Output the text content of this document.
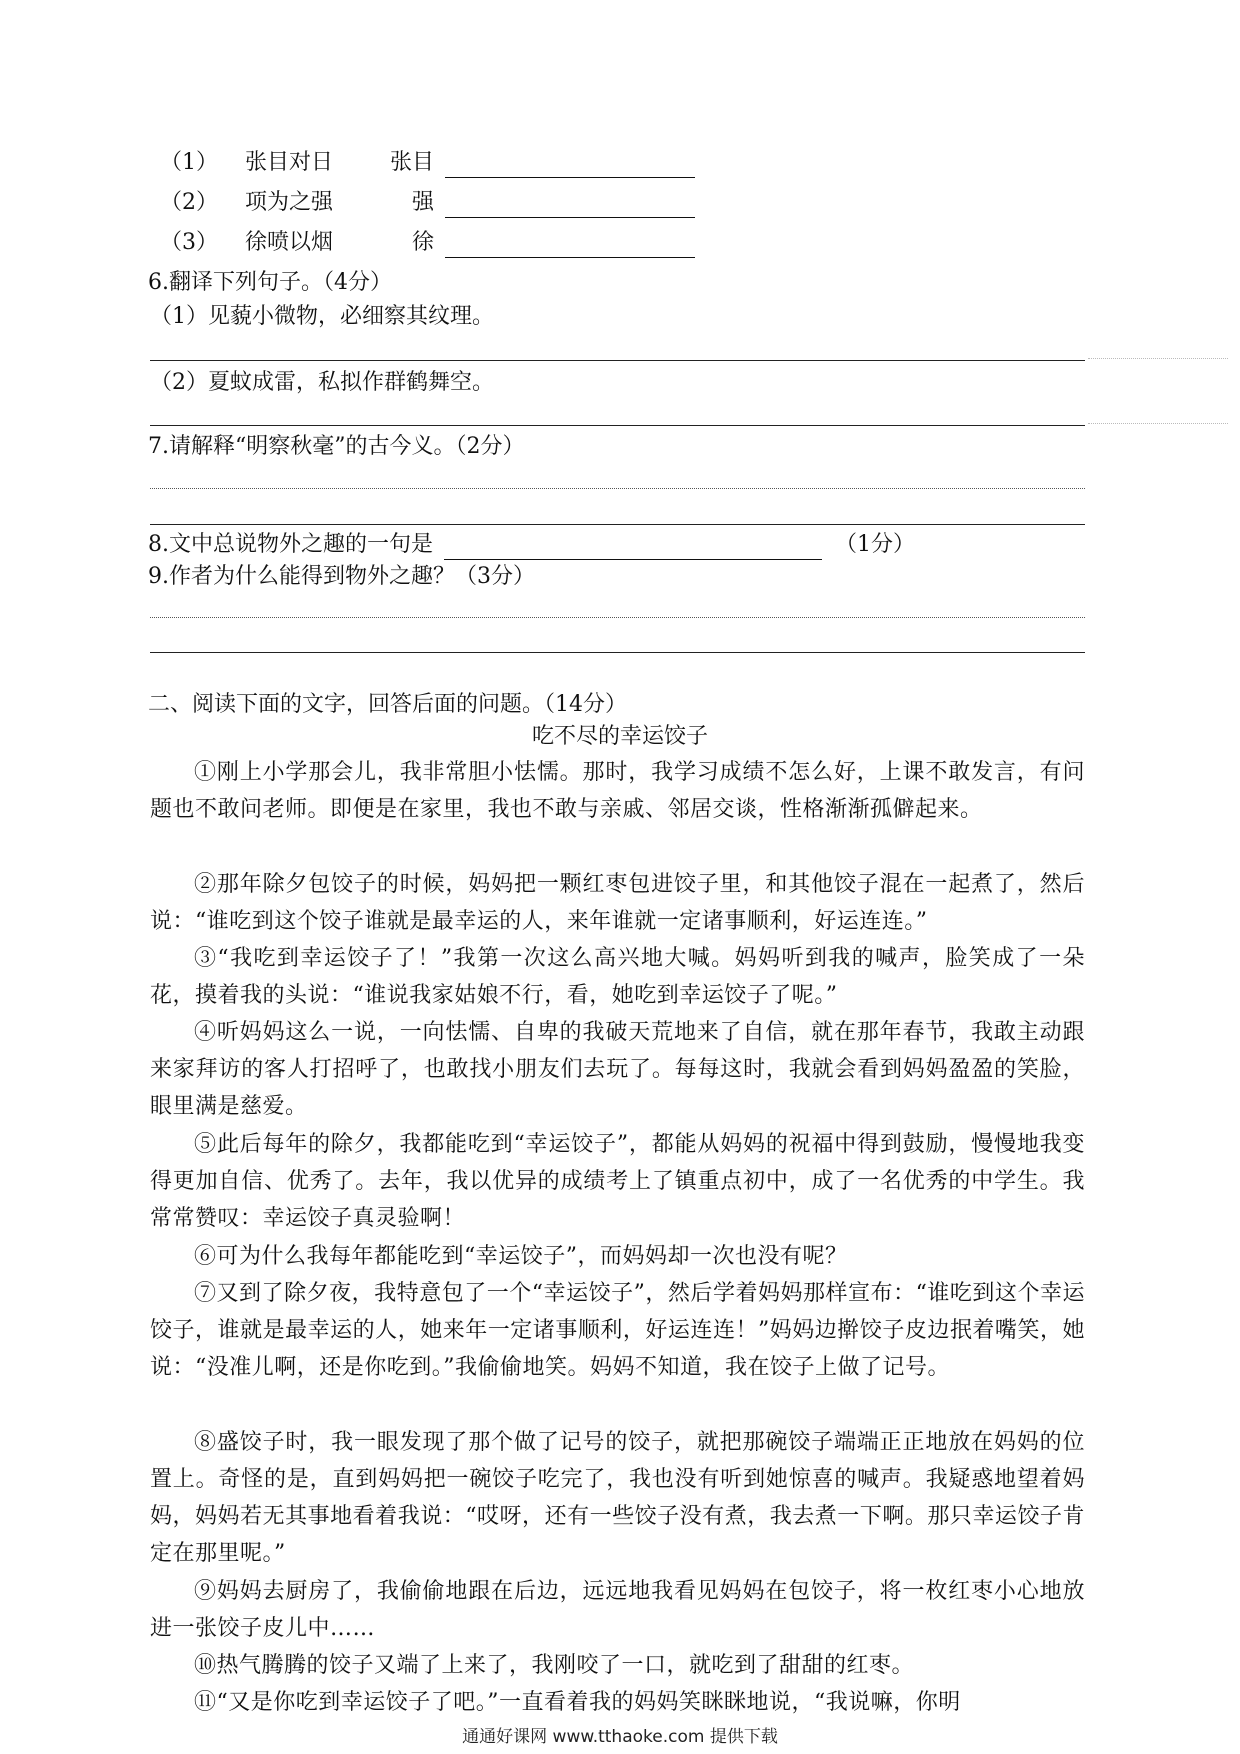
（1） 张目对日	张目
（2） 项为之强	强
（3） 徐喷以烟	徐
6.翻译下列句子。（4分）
（1）见藐小微物，必细察其纹理。
（2）夏蚊成雷，私拟作群鹤舞空。
7.请解释“明察秋毫”的古今义。（2分）
8.文中总说物外之趣的一句是	（1分）
9.作者为什么能得到物外之趣？（3分）
二、阅读下面的文字，回答后面的问题。（14分）
吃不尽的幸运饺子
①刚上小学那会儿，我非常胆小怯懦。那时，我学习成绩不怎么好，上课不敢发言，有问题也不敢问老师。即便是在家里，我也不敢与亲戚、邻居交谈，性格渐渐孤僻起来。
②那年除夕包饺子的时候，妈妈把一颗红枣包进饺子里，和其他饺子混在一起煮了，然后说：“谁吃到这个饺子谁就是最幸运的人，来年谁就一定诸事顺利，好运连连。”
③“我吃到幸运饺子了！”我第一次这么高兴地大喊。妈妈听到我的喊声，脸笑成了一朵花，摸着我的头说：“谁说我家姑娘不行，看，她吃到幸运饺子了呢。”
④听妈妈这么一说，一向怯懦、自卑的我破天荒地来了自信，就在那年春节，我敢主动跟来家拜访的客人打招呼了，也敢找小朋友们去玩了。每每这时，我就会看到妈妈盈盈的笑脸，眼里满是慈爱。
⑤此后每年的除夕，我都能吃到“幸运饺子”，都能从妈妈的祝福中得到鼓励，慢慢地我变得更加自信、优秀了。去年，我以优异的成绩考上了镇重点初中，成了一名优秀的中学生。我常常赞叹：幸运饺子真灵验啊！
⑥可为什么我每年都能吃到“幸运饺子”，而妈妈却一次也没有呢？
⑦又到了除夕夜，我特意包了一个“幸运饺子”，然后学着妈妈那样宣布：“谁吃到这个幸运饺子，谁就是最幸运的人，她来年一定诸事顺利，好运连连！”妈妈边擀饺子皮边抿着嘴笑，她说：“没准儿啊，还是你吃到。”我偷偷地笑。妈妈不知道，我在饺子上做了记号。
⑧盛饺子时，我一眼发现了那个做了记号的饺子，就把那碗饺子端端正正地放在妈妈的位置上。奇怪的是，直到妈妈把一碗饺子吃完了，我也没有听到她惊喜的喊声。我疑惑地望着妈妈，妈妈若无其事地看着我说：“哎呀，还有一些饺子没有煮，我去煮一下啊。那只幸运饺子肯定在那里呢。”
⑨妈妈去厨房了，我偷偷地跟在后边，远远地我看见妈妈在包饺子，将一枚红枣小心地放进一张饺子皮儿中……
⑩热气腾腾的饺子又端了上来了，我刚咬了一口，就吃到了甜甜的红枣。
⑪“又是你吃到幸运饺子了吧。”一直看着我的妈妈笑眯眯地说，“我说嘛，你明
通通好课网 www.tthaoke.com 提供下载
